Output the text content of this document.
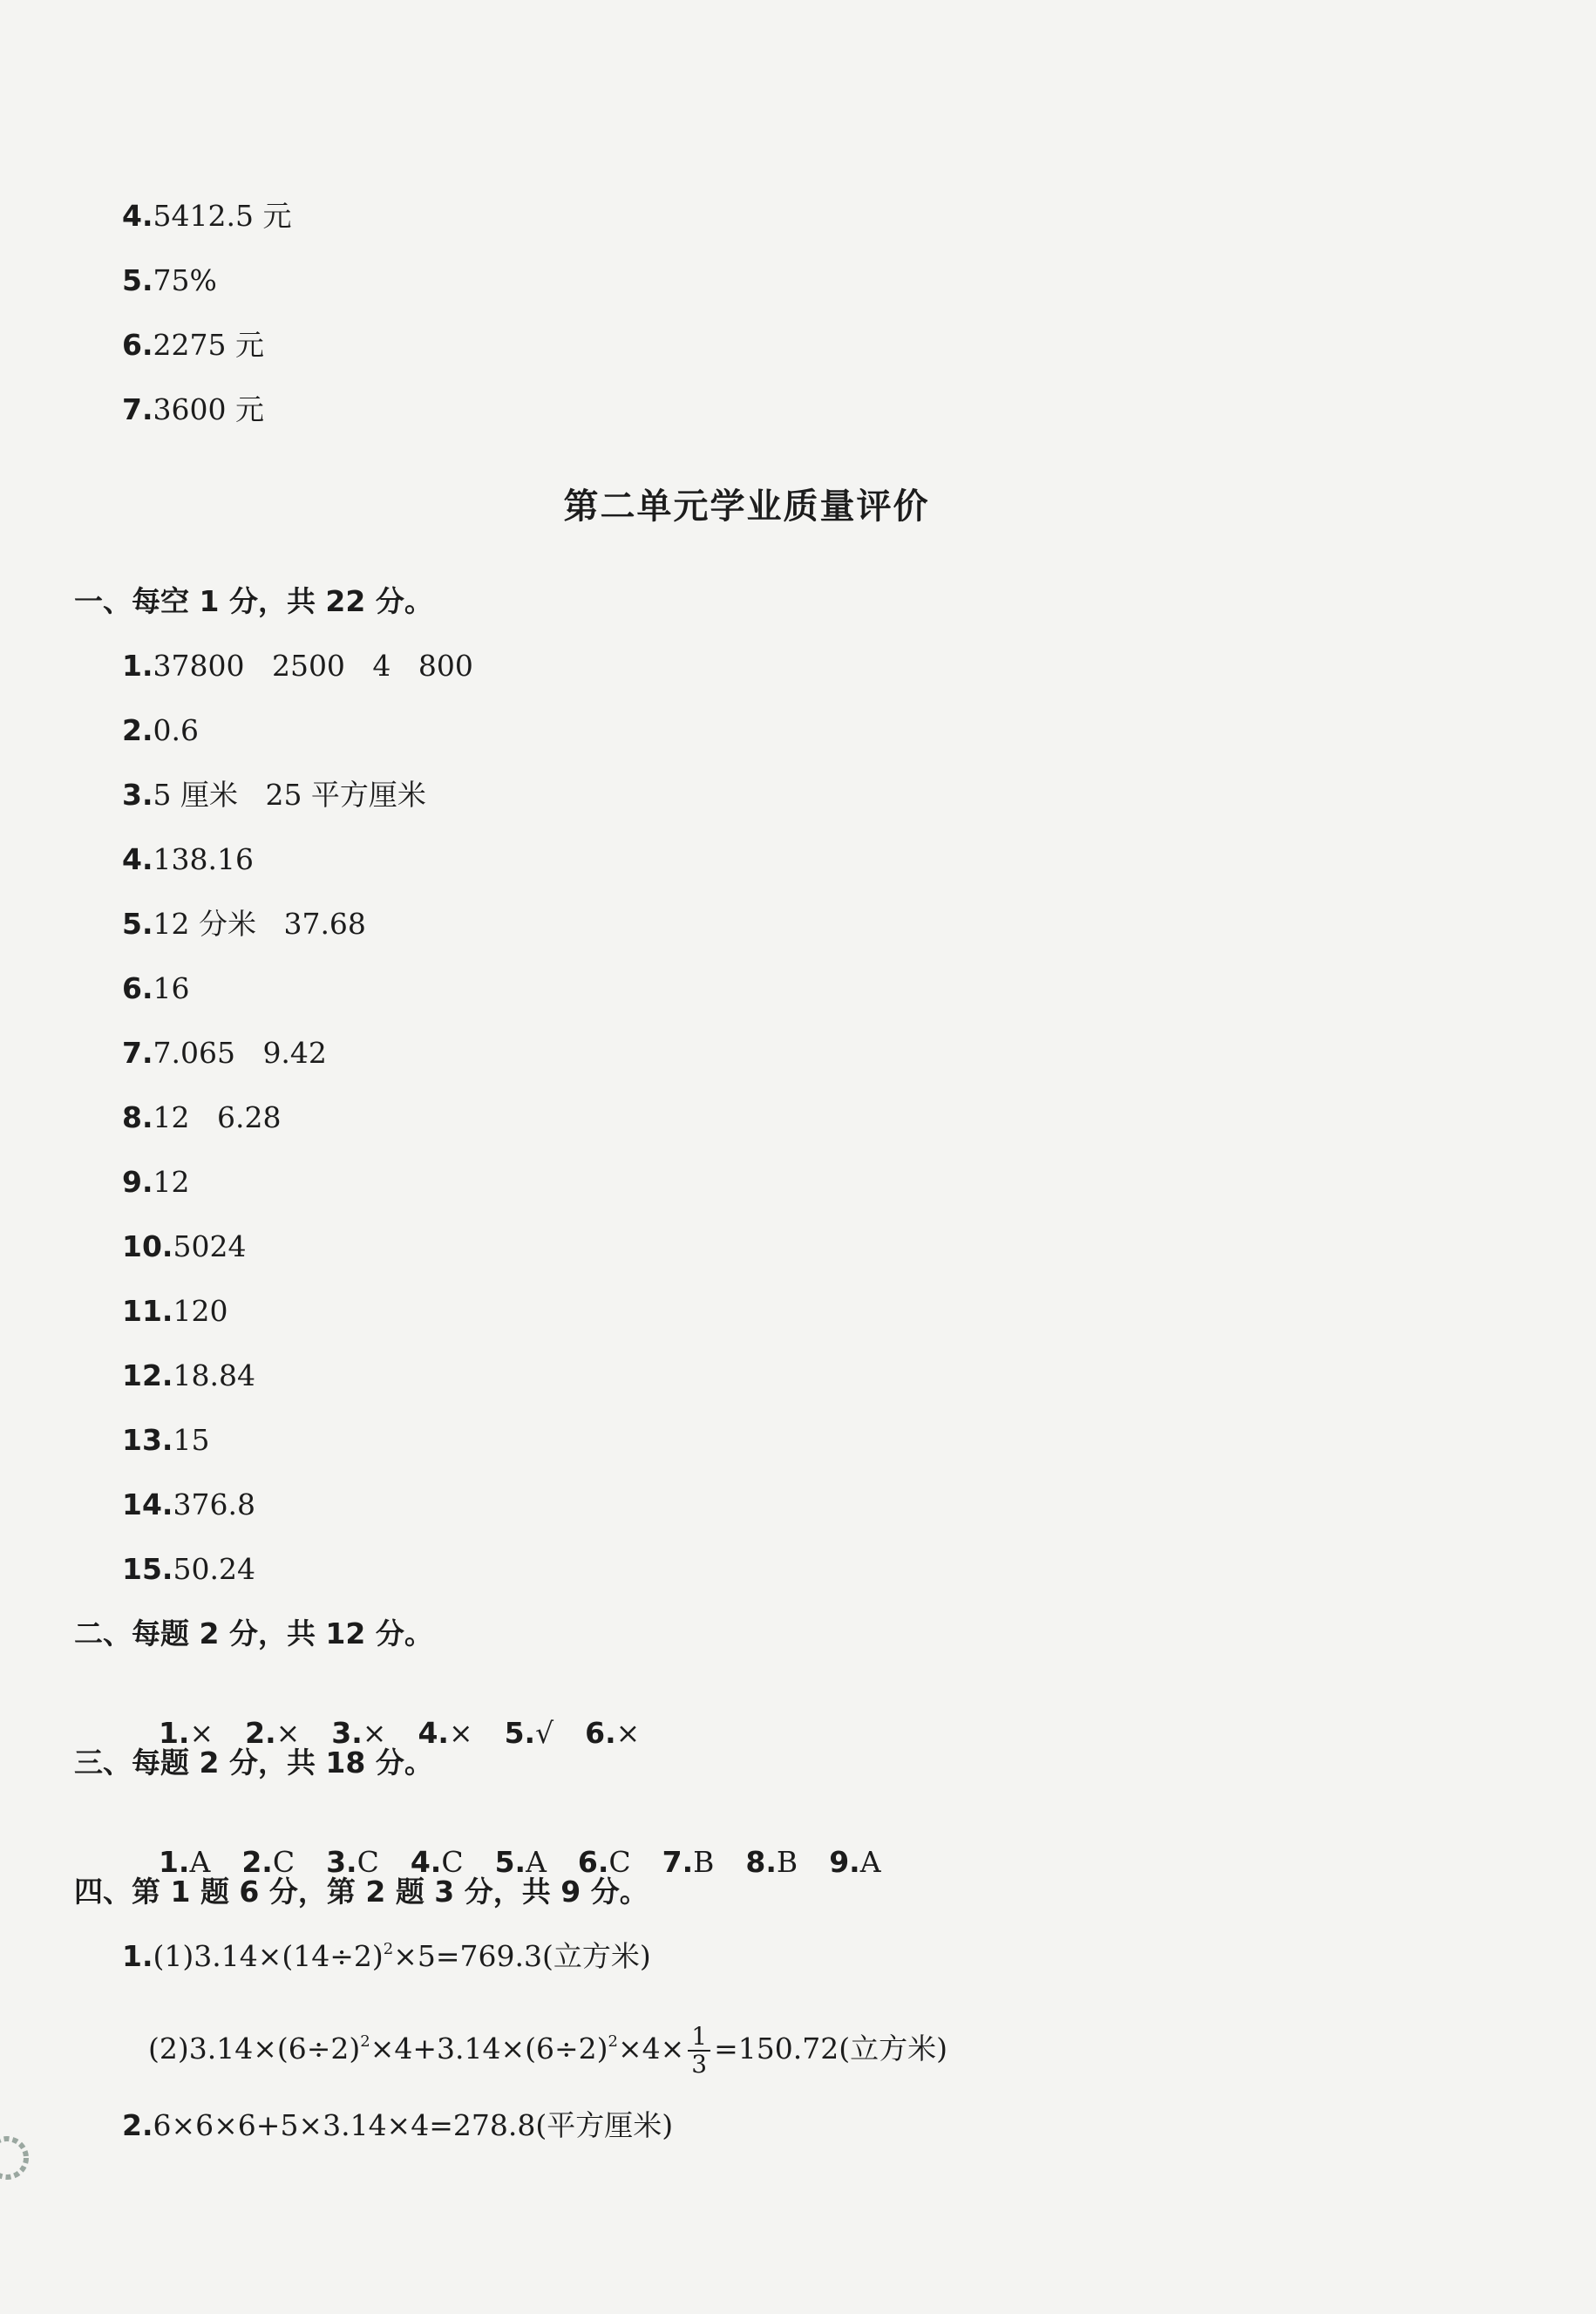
4.5412.5 元
5.75%
6.2275 元
7.3600 元
第二单元学业质量评价
一、每空 1 分，共 22 分。
1.37800   2500   4   800
2.0.6
3.5 厘米   25 平方厘米
4.138.16
5.12 分米   37.68
6.16
7.7.065   9.42
8.12   6.28
9.12
10.5024
11.120
12.18.84
13.15
14.376.8
15.50.24
二、每题 2 分，共 12 分。

1.× 2.× 3.× 4.× 5.√ 6.×

三、每题 2 分，共 18 分。

1.A 2.C 3.C 4.C 5.A 6.C 7.B 8.B 9.A

四、第 1 题 6 分，第 2 题 3 分，共 9 分。
$1.(1)3.14\times(14\div 2)^2\times 5=769.3$(立方米)
$(2)3.14\times(6\div 2)^2\times 4+3.14\times(6\div 2)^2\times 4\times \frac{1}{3} =150.72$(立方米)
2.6×6×6+5×3.14×4=278.8(平方厘米)
